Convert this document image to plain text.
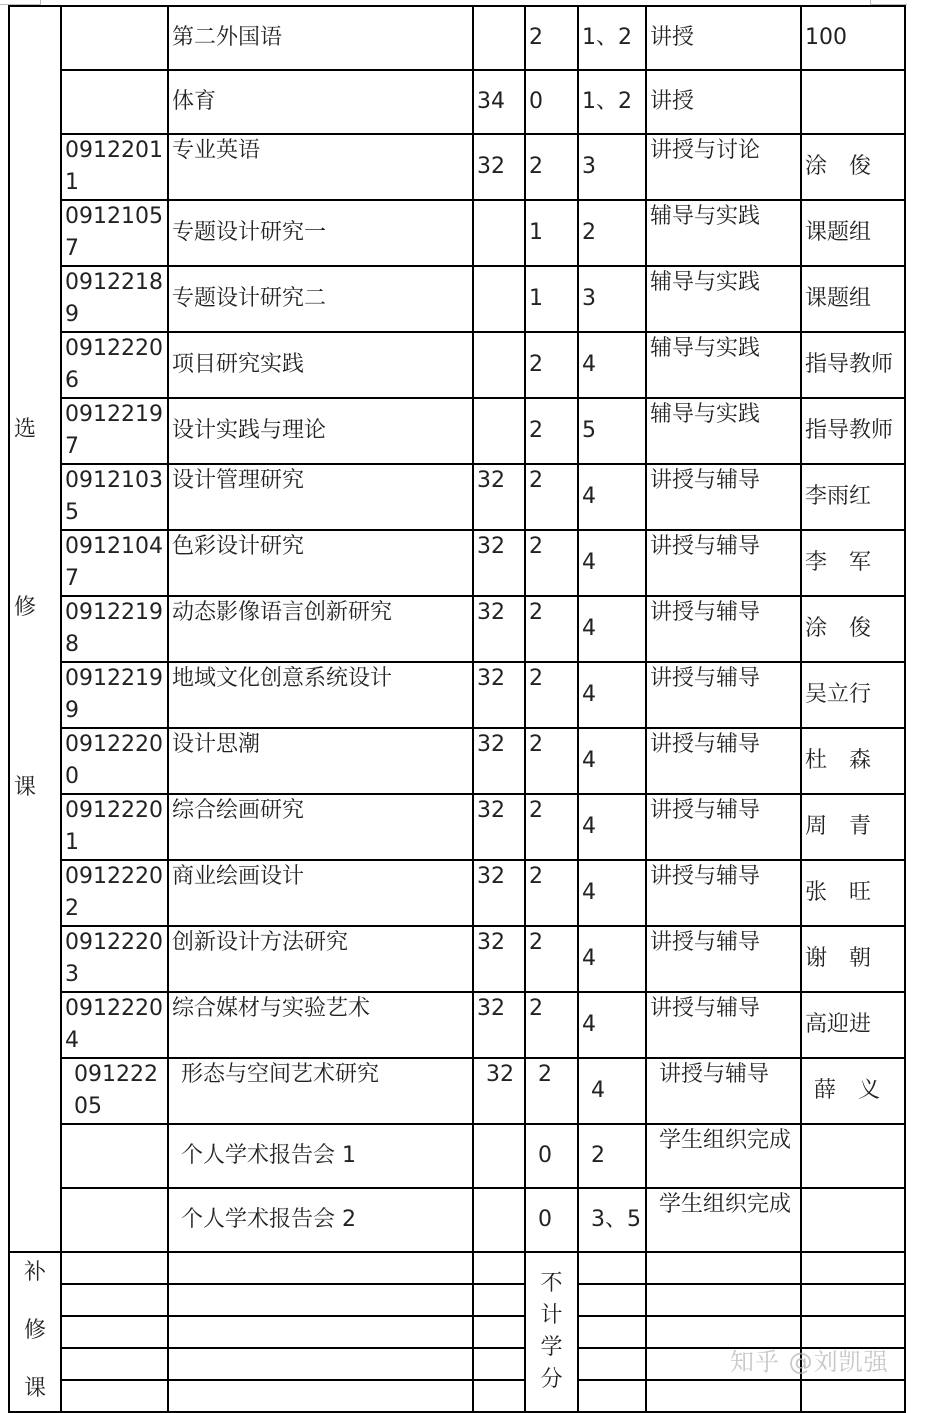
选
修
课		第二外国语		2	1、2	讲授	100
		体育	34	0	1、2	讲授	
	09122011	专业英语	32	2	3	讲授与讨论	涂　俊
	09121057	专题设计研究一		1	2	辅导与实践	课题组
	09122189	专题设计研究二		1	3	辅导与实践	课题组
	09122206	项目研究实践		2	4	辅导与实践	指导教师
	09122197	设计实践与理论		2	5	辅导与实践	指导教师
	09121035	设计管理研究	32	2	4	讲授与辅导	李雨红
	09121047	色彩设计研究	32	2	4	讲授与辅导	李　军
	09122198	动态影像语言创新研究	32	2	4	讲授与辅导	涂　俊
	09122199	地域文化创意系统设计	32	2	4	讲授与辅导	吴立行
	09122200	设计思潮	32	2	4	讲授与辅导	杜　森
	09122201	综合绘画研究	32	2	4	讲授与辅导	周　青
	09122202	商业绘画设计	32	2	4	讲授与辅导	张　旺
	09122203	创新设计方法研究	32	2	4	讲授与辅导	谢　朝
	09122204	综合媒材与实验艺术	32	2	4	讲授与辅导	高迎进
	09122205	形态与空间艺术研究	32	2	4	讲授与辅导	薛　义
		个人学术报告会 1		0	2	学生组织完成	
		个人学术报告会 2		0	3、5	学生组织完成	

补
修
课

不
计
学
分

知乎 @刘凯强
